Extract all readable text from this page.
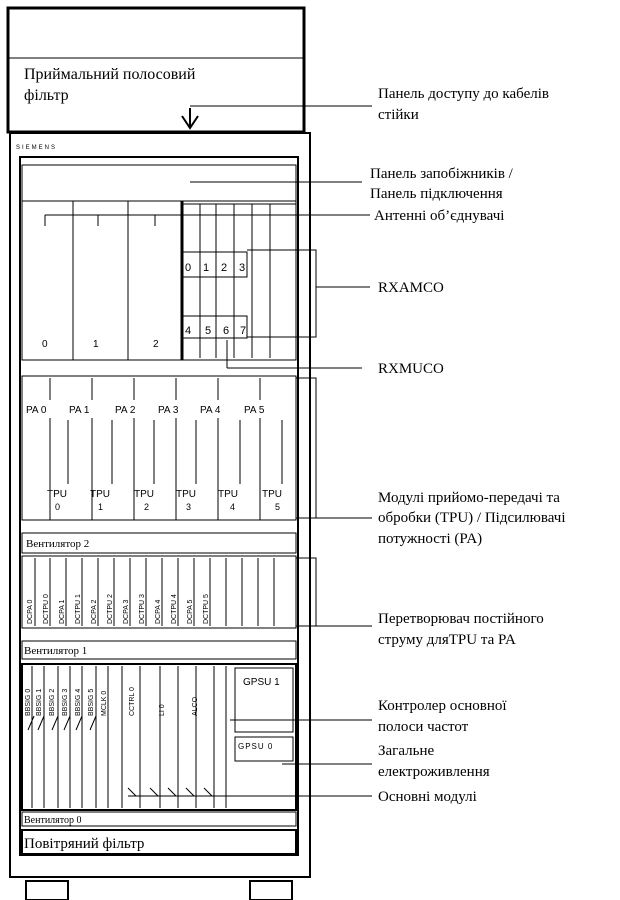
Приймальний полосовий
фільтр
SIEMENS
0	1	2
0 1 2 3
4 5 6 7
PA 0 PA 1	PA 2 PA 3 PA 4 PA 5
TPU TPU TPU TPU TPU TPU
0	1	2	3	4	5
Вентилятор 2
DCPA 0 DCTPU 0 DCPA 1 DCTPU 1 DCPA 2 DCTPU 2 DCPA 3 DCTPU 3 DCPA 4 DCTPU 4 DCPA 5 DCTPU 5
Вентилятор 1
BBSIG 0 BBSIG 1 BBSIG 2 BBSIG 3 BBSIG 4 BBSIG 5 MCLK 0	CCTRL 0	LI 0	ALCO
GPSU 1
GPSU 0
Вентилятор 0
Повітряний фільтр
Панель доступу до кабелів
стійки
Панель запобіжників /
Панель підключення
Антенні об’єднувачі
RXAMCO
RXMUCO
Модулі прийомо-передачі та
обробки (TPU) / Підсилювачі
потужності (PA)
Перетворювач постійного
струму дляTPU та PA
Контролер основної
полоси частот
Загальне
електроживлення
Основні модулі
